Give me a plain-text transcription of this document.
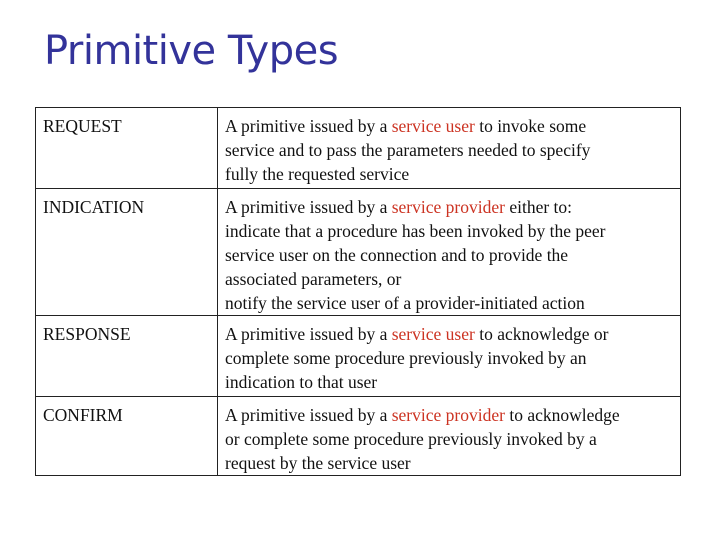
Primitive Types
REQUEST	A primitive issued by a service user to invoke some
service and to pass the parameters needed to specify
fully the requested service

INDICATION	A primitive issued by a service provider either to:
indicate that a procedure has been invoked by the peer
service user on the connection and to provide the
associated parameters, or
notify the service user of a provider-initiated action

RESPONSE	A primitive issued by a service user to acknowledge or
complete some procedure previously invoked by an
indication to that user

CONFIRM	A primitive issued by a service provider to acknowledge
or complete some procedure previously invoked by a
request by the service user
